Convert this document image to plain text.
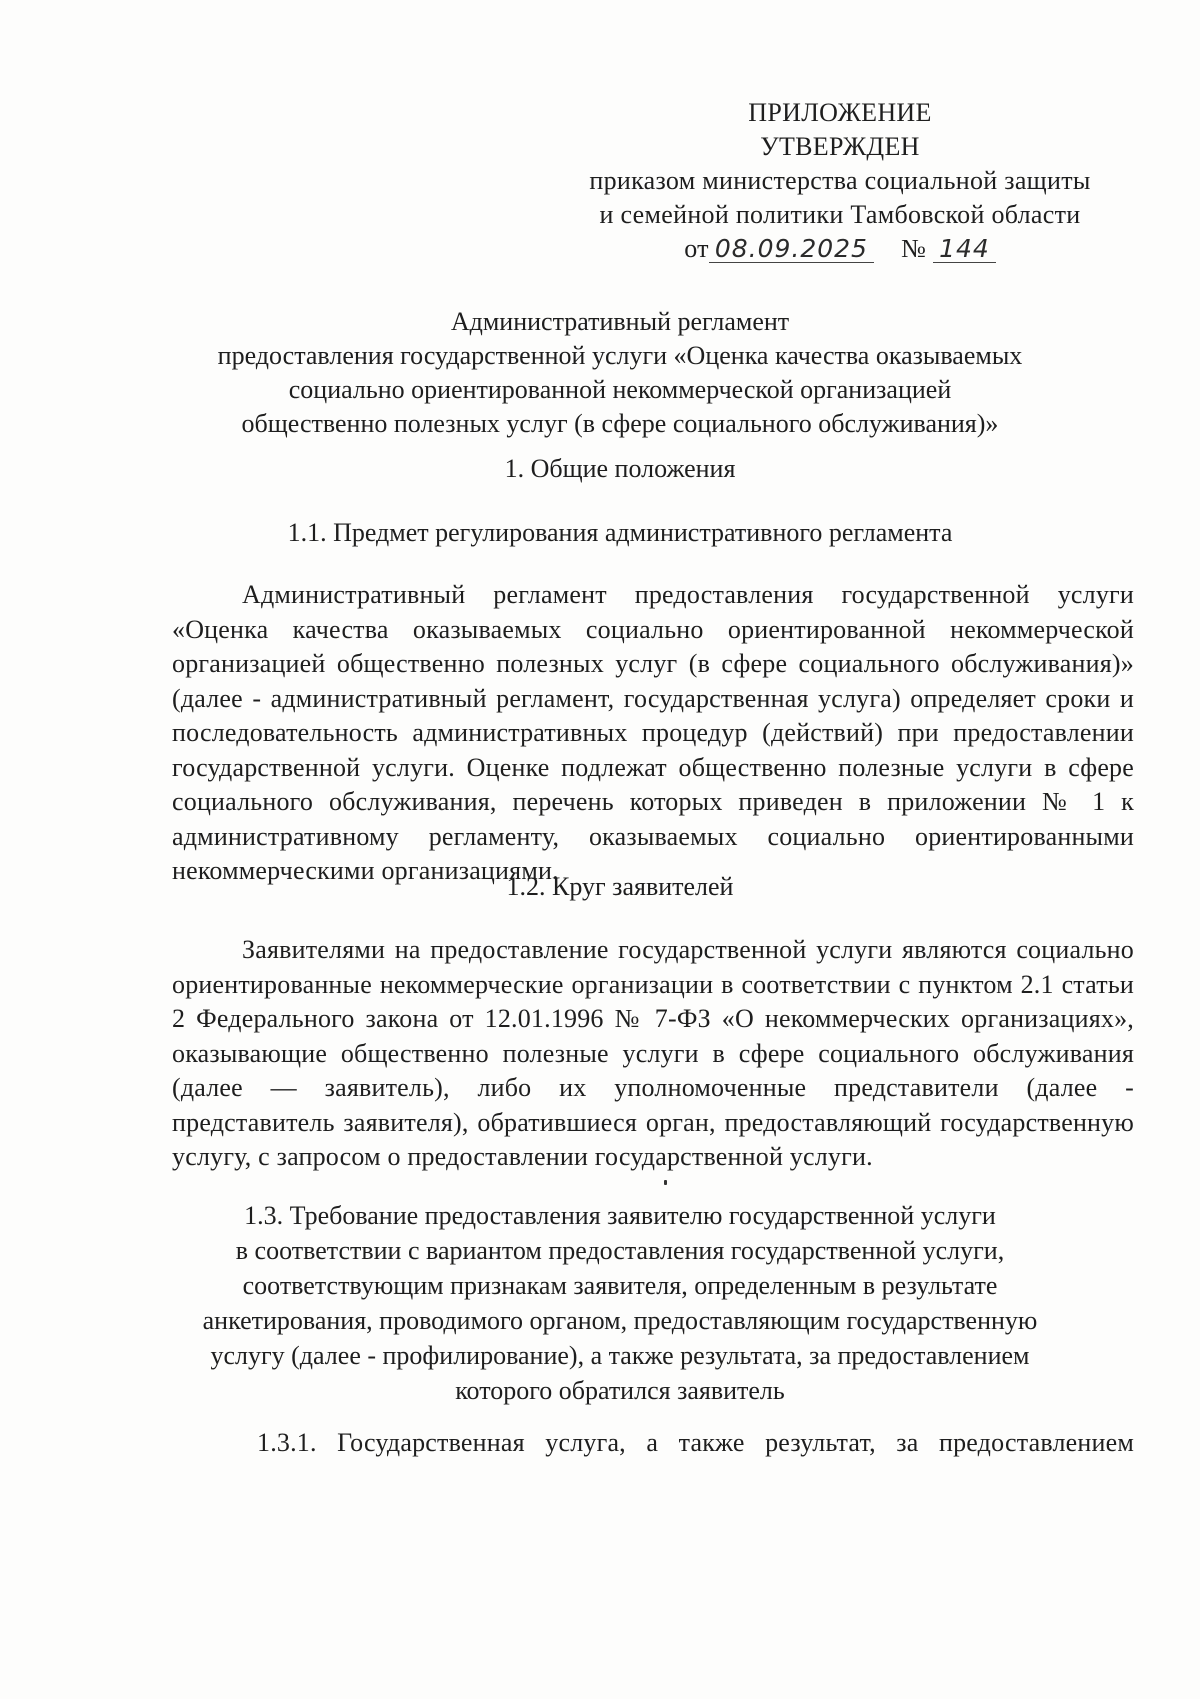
ПРИЛОЖЕНИЕ
УТВЕРЖДЕН
приказом министерства социальной защиты
и семейной политики Тамбовской области
от 08.09.2025 № 144
Административный регламент
предоставления государственной услуги «Оценка качества оказываемых
социально ориентированной некоммерческой организацией
общественно полезных услуг (в сфере социального обслуживания)»
1. Общие положения
1.1. Предмет регулирования административного регламента
Административный регламент предоставления государственной услуги «Оценка качества оказываемых социально ориентированной некоммерческой организацией общественно полезных услуг (в сфере социального обслуживания)» (далее - административный регламент, государственная услуга) определяет сроки и последовательность административных процедур (действий) при предоставлении государственной услуги. Оценке подлежат общественно полезные услуги в сфере социального обслуживания, перечень которых приведен в приложении № 1 к административному регламенту, оказываемых социально ориентированными некоммерческими организациями.
1.2. Круг заявителей
Заявителями на предоставление государственной услуги являются социально ориентированные некоммерческие организации в соответствии с пунктом 2.1 статьи 2 Федерального закона от 12.01.1996 № 7-ФЗ «О некоммерческих организациях», оказывающие общественно полезные услуги в сфере социального обслуживания (далее — заявитель), либо их уполномоченные представители (далее - представитель заявителя), обратившиеся орган, предоставляющий государственную услугу, с запросом о предоставлении государственной услуги.
1.3. Требование предоставления заявителю государственной услуги
в соответствии с вариантом предоставления государственной услуги,
соответствующим признакам заявителя, определенным в результате
анкетирования, проводимого органом, предоставляющим государственную
услугу (далее - профилирование), а также результата, за предоставлением
которого обратился заявитель
1.3.1. Государственная услуга, а также результат, за предоставлением
